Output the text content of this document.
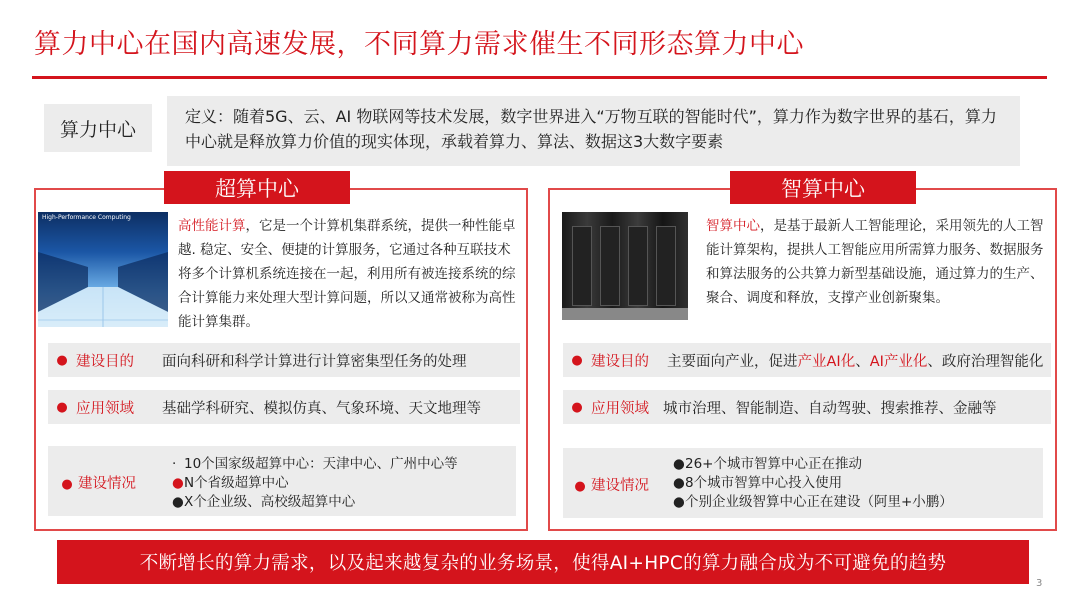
算力中心在国内高速发展，不同算力需求催生不同形态算力中心
算力中心
定义：随着5G、云、AI 物联网等技术发展，数字世界进入“万物互联的智能时代”，算力作为数字世界的基石，算力中心就是释放算力价值的现实体现，承载着算力、算法、数据这3大数字要素
超算中心
High-Performance Computing
高性能计算，它是一个计算机集群系统，提供一种性能卓越. 稳定、安全、便捷的计算服务，它通过各种互联技术将多个计算机系统连接在一起，利用所有被连接系统的综合计算能力来处理大型计算问题，所以又通常被称为高性能计算集群。
● 建设目的	面向科研和科学计算进行计算密集型任务的处理
● 应用领域	基础学科研究、模拟仿真、气象环境、天文地理等
● 建设情况
· 10个国家级超算中心：天津中心、广州中心等
●N个省级超算中心
●X个企业级、高校级超算中心
智算中心
智算中心，是基于最新人工智能理论，采用领先的人工智能计算架构，提拱人工智能应用所需算力服务、数据服务和算法服务的公共算力新型基础设施，通过算力的生产、聚合、调度和释放，支撑产业创新聚集。
● 建设目的	主要面向产业，促进产业AI化、AI产业化、政府治理智能化
● 应用领域 城市治理、智能制造、自动驾驶、搜索推荐、金融等
● 建设情况
●26+个城市智算中心正在推动
●8个城市智算中心投入使用
●个别企业级智算中心正在建设（阿里+小鹏）
不断增长的算力需求，以及起来越复杂的业务场景，使得AI+HPC的算力融合成为不可避免的趋势
3
